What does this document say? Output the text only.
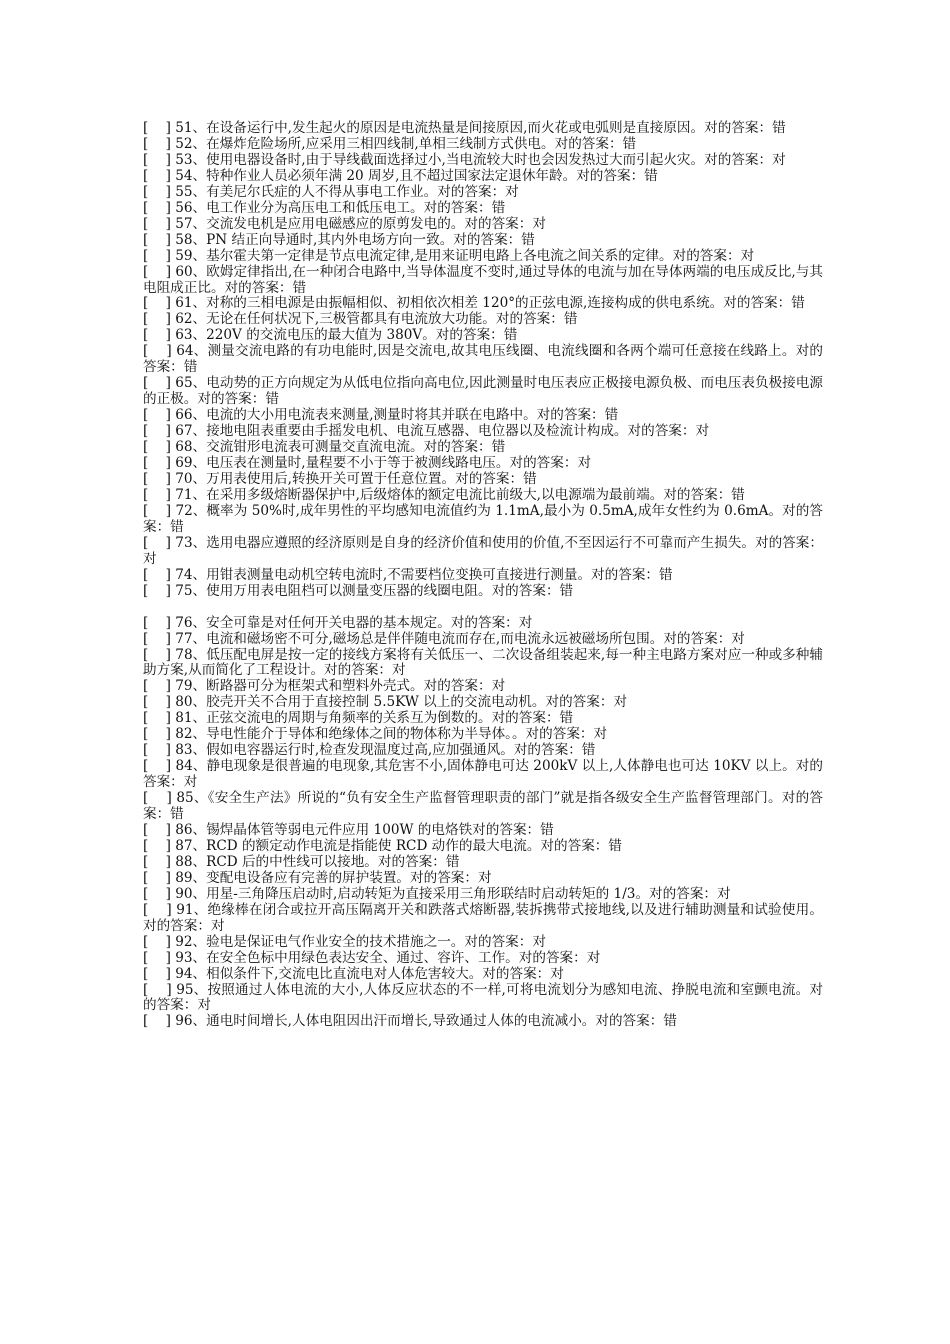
[    ] 51、在设备运行中,发生起火的原因是电流热量是间接原因,而火花或电弧则是直接原因。对的答案：错

[    ] 52、在爆炸危险场所,应采用三相四线制,单相三线制方式供电。对的答案：错

[    ] 53、使用电器设备时,由于导线截面选择过小,当电流较大时也会因发热过大而引起火灾。对的答案：对

[    ] 54、特种作业人员必须年满 20 周岁,且不超过国家法定退休年龄。对的答案：错

[    ] 55、有美尼尔氏症的人不得从事电工作业。对的答案：对

[    ] 56、电工作业分为高压电工和低压电工。对的答案：错

[    ] 57、交流发电机是应用电磁感应的原剪发电的。对的答案：对

[    ] 58、PN 结正向导通时,其内外电场方向一致。对的答案：错

[    ] 59、基尔霍夫第一定律是节点电流定律,是用来证明电路上各电流之间关系的定律。对的答案：对

[    ] 60、欧姆定律指出,在一种闭合电路中,当导体温度不变时,通过导体的电流与加在导体两端的电压成反比,与其电阻成正比。对的答案：错

[    ] 61、对称的三相电源是由振幅相似、初相依次相差 120°的正弦电源,连接构成的供电系统。对的答案：错

[    ] 62、无论在任何状况下,三极管都具有电流放大功能。对的答案：错

[    ] 63、220V 的交流电压的最大值为 380V。对的答案：错

[    ] 64、测量交流电路的有功电能时,因是交流电,故其电压线圈、电流线圈和各两个端可任意接在线路上。对的答案：错

[    ] 65、电动势的正方向规定为从低电位指向高电位,因此测量时电压表应正极接电源负极、而电压表负极接电源的正极。对的答案：错

[    ] 66、电流的大小用电流表来测量,测量时将其并联在电路中。对的答案：错

[    ] 67、接地电阻表重要由手摇发电机、电流互感器、电位器以及检流计构成。对的答案：对

[    ] 68、交流钳形电流表可测量交直流电流。对的答案：错

[    ] 69、电压表在测量时,量程要不小于等于被测线路电压。对的答案：对

[    ] 70、万用表使用后,转换开关可置于任意位置。对的答案：错

[    ] 71、在采用多级熔断器保护中,后级熔体的额定电流比前级大,以电源端为最前端。对的答案：错

[    ] 72、概率为 50%时,成年男性的平均感知电流值约为 1.1mA,最小为 0.5mA,成年女性约为 0.6mA。对的答案：错

[    ] 73、选用电器应遵照的经济原则是自身的经济价值和使用的价值,不至因运行不可靠而产生损失。对的答案：对

[    ] 74、用钳表测量电动机空转电流时,不需要档位变换可直接进行测量。对的答案：错

[    ] 75、使用万用表电阻档可以测量变压器的线圈电阻。对的答案：错

[    ] 76、安全可靠是对任何开关电器的基本规定。对的答案：对

[    ] 77、电流和磁场密不可分,磁场总是伴伴随电流而存在,而电流永远被磁场所包围。对的答案：对

[    ] 78、低压配电屏是按一定的接线方案将有关低压一、二次设备组装起来,每一种主电路方案对应一种或多种辅助方案,从而简化了工程设计。对的答案：对

[    ] 79、断路器可分为框架式和塑料外壳式。对的答案：对

[    ] 80、胶壳开关不合用于直接控制 5.5KW 以上的交流电动机。对的答案：对

[    ] 81、正弦交流电的周期与角频率的关系互为倒数的。对的答案：错

[    ] 82、导电性能介于导体和绝缘体之间的物体称为半导体。。对的答案：对

[    ] 83、假如电容器运行时,检查发现温度过高,应加强通风。对的答案：错

[    ] 84、静电现象是很普遍的电现象,其危害不小,固体静电可达 200kV 以上,人体静电也可达 10KV 以上。对的答案：对

[    ] 85、《安全生产法》所说的“负有安全生产监督管理职责的部门”就是指各级安全生产监督管理部门。对的答案：错

[    ] 86、锡焊晶体管等弱电元件应用 100W 的电烙铁对的答案：错

[    ] 87、RCD 的额定动作电流是指能使 RCD 动作的最大电流。对的答案：错

[    ] 88、RCD 后的中性线可以接地。对的答案：错

[    ] 89、变配电设备应有完善的屏护装置。对的答案：对

[    ] 90、用星-三角降压启动时,启动转矩为直接采用三角形联结时启动转矩的 1/3。对的答案：对

[    ] 91、绝缘棒在闭合或拉开高压隔离开关和跌落式熔断器,装拆携带式接地线,以及进行辅助测量和试验使用。对的答案：对

[    ] 92、验电是保证电气作业安全的技术措施之一。对的答案：对

[    ] 93、在安全色标中用绿色表达安全、通过、容许、工作。对的答案：对

[    ] 94、相似条件下,交流电比直流电对人体危害较大。对的答案：对

[    ] 95、按照通过人体电流的大小,人体反应状态的不一样,可将电流划分为感知电流、挣脱电流和室颤电流。对的答案：对

[    ] 96、通电时间增长,人体电阻因出汗而增长,导致通过人体的电流减小。对的答案：错
